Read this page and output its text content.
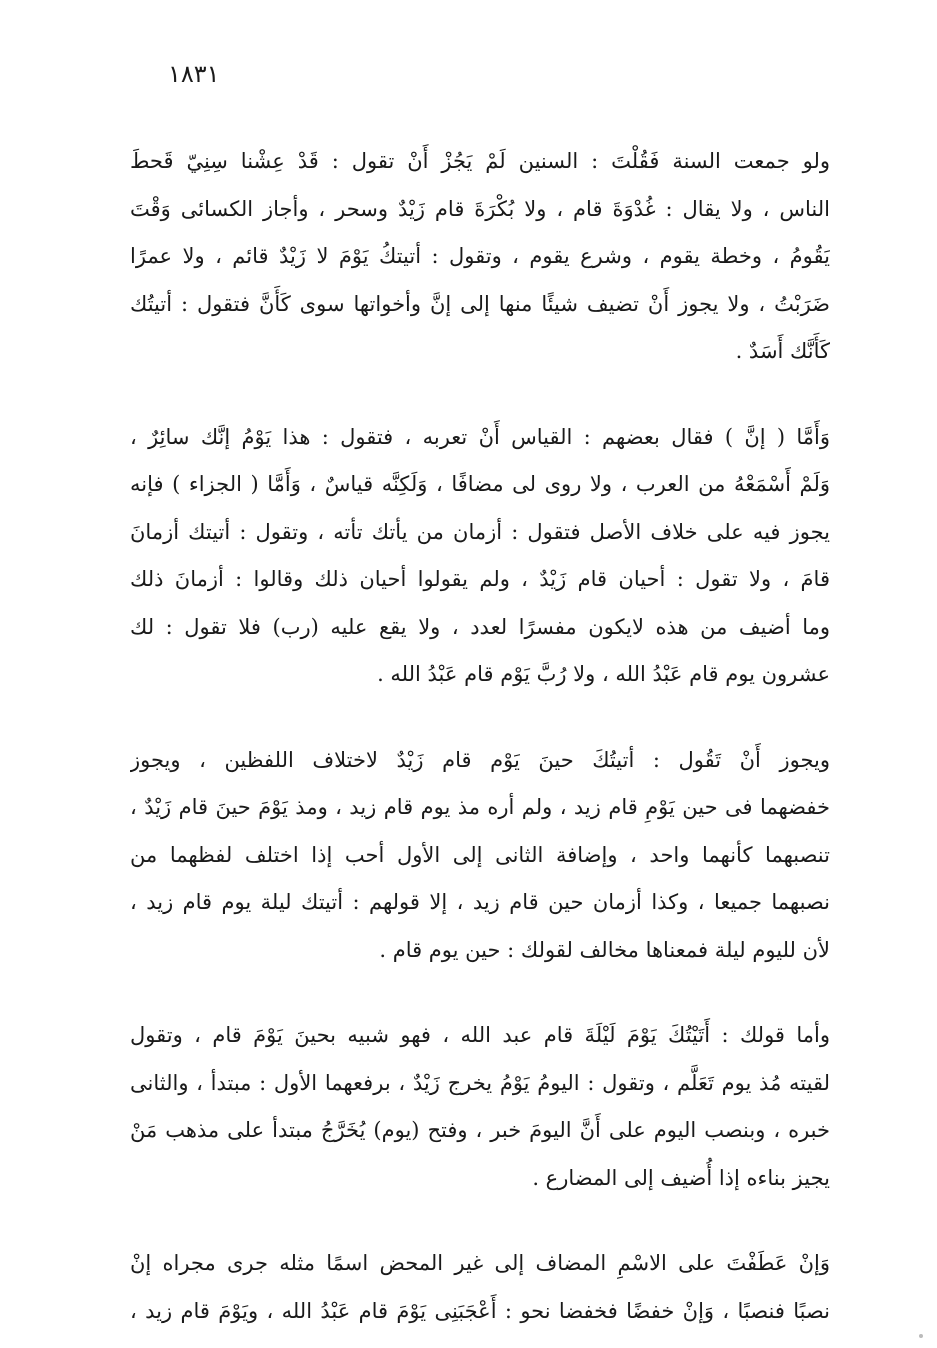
١٨٣١
ولو جمعت السنة فَقُلْتَ : السنين لَمْ يَجُزْ أَنْ تقول : قَدْ عِشْنا سِنِيّ قَحطَ
الناس ، ولا يقال : غُدْوَةَ قام ، ولا بُكْرَةَ قام زَيْدٌ وسحر ، وأجاز الكسائى وَقْتَ
يَقُومُ ، وخطة يقوم ، وشرع يقوم ، وتقول : أتيتكُ يَوْمَ لا زَيْدٌ قائم ، ولا عمرًا
ضَرَبْتُ ، ولا يجوز أَنْ تضيف شيئًا منها إلى إنَّ وأخواتها سوى كَأَنَّ فتقول : أتيتُك
كَأَنَّك أَسَدٌ .
وَأَمَّا ( إنَّ ) فقال بعضهم : القياس أَنْ تعربه ، فتقول : هذا يَوْمُ إنَّك سائِرٌ ،
وَلَمْ أَسْمَعْهُ من العرب ، ولا روى لى مضافًا ، وَلَكِنَّه قياسٌ ، وَأَمَّا ( الجزاء ) فإنه
يجوز فيه على خلاف الأصل فتقول : أزمان من يأتك تأته ، وتقول : أتيتك أزمانَ
قامَ ، ولا تقول : أحيان قام زَيْدٌ ، ولم يقولوا أحيان ذلك وقالوا : أزمانَ ذلك
وما أضيف من هذه لايكون مفسرًا لعدد ، ولا يقع عليه (رب) فلا تقول : لك
عشرون يوم قام عَبْدُ الله ، ولا رُبَّ يَوْم قام عَبْدُ الله .
ويجوز أَنْ تَقُول : أتيتُكَ حينَ يَوْم قام زَيْدٌ لاختلاف اللفظين ، ويجوز
خفضهما فى حين يَوْمِ قام زيد ، ولم أره مذ يوم قام زيد ، ومذ يَوْمَ حينَ قام زَيْدٌ ،
تنصبهما كأنهما واحد ، وإضافة الثانى إلى الأول أحب إذا اختلف لفظهما من
نصبهما جميعا ، وكذا أزمان حين قام زيد ، إلا قولهم : أتيتك ليلة يوم قام زيد ،
لأن لليوم ليلة فمعناها مخالف لقولك : حين يوم قام .
وأما قولك : أَتَيْتُكَ يَوْمَ لَيْلَةَ قام عبد الله ، فهو شبيه بحينَ يَوْمَ قام ، وتقول
لقيته مُذ يوم تَعَلَّم ، وتقول : اليومُ يَوْمُ يخرج زَيْدٌ ، برفعهما الأول : مبتدأ ، والثانى
خبره ، وبنصب اليوم على أَنَّ اليومَ خبر ، وفتح (يوم) يُخَرَّجُ مبتدأ على مذهب مَنْ
يجيز بناءه إذا أُضيف إلى المضارع .
وَإنْ عَطَفْتَ على الاسْمِ المضاف إلى غير المحض اسمًا مثله جرى مجراه إنْ
نصبًا فنصبًا ، وَإنْ خفضًا فخفضا نحو : أَعْجَبَنِى يَوْمَ قام عَبْدُ الله ، ويَوْمَ قام زيد ،
